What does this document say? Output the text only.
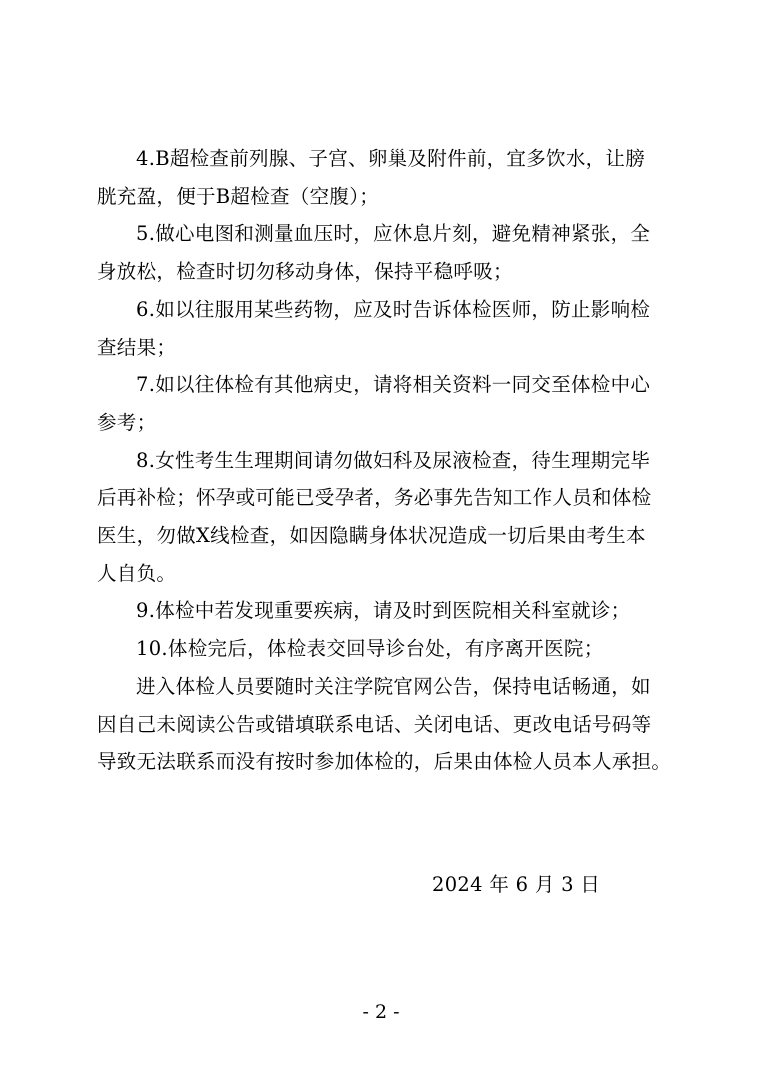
4.B超检查前列腺、子宫、卵巢及附件前，宜多饮水，让膀
胱充盈，便于B超检查（空腹）；

5.做心电图和测量血压时，应休息片刻，避免精神紧张，全
身放松，检查时切勿移动身体，保持平稳呼吸；

6.如以往服用某些药物，应及时告诉体检医师，防止影响检
查结果；

7.如以往体检有其他病史，请将相关资料一同交至体检中心
参考；

8.女性考生生理期间请勿做妇科及尿液检查，待生理期完毕
后再补检；怀孕或可能已受孕者，务必事先告知工作人员和体检
医生，勿做X线检查，如因隐瞒身体状况造成一切后果由考生本
人自负。

9.体检中若发现重要疾病，请及时到医院相关科室就诊；

10.体检完后，体检表交回导诊台处，有序离开医院；

进入体检人员要随时关注学院官网公告，保持电话畅通，如
因自己未阅读公告或错填联系电话、关闭电话、更改电话号码等
导致无法联系而没有按时参加体检的，后果由体检人员本人承担。

2024 年 6 月 3 日
- 2 -
